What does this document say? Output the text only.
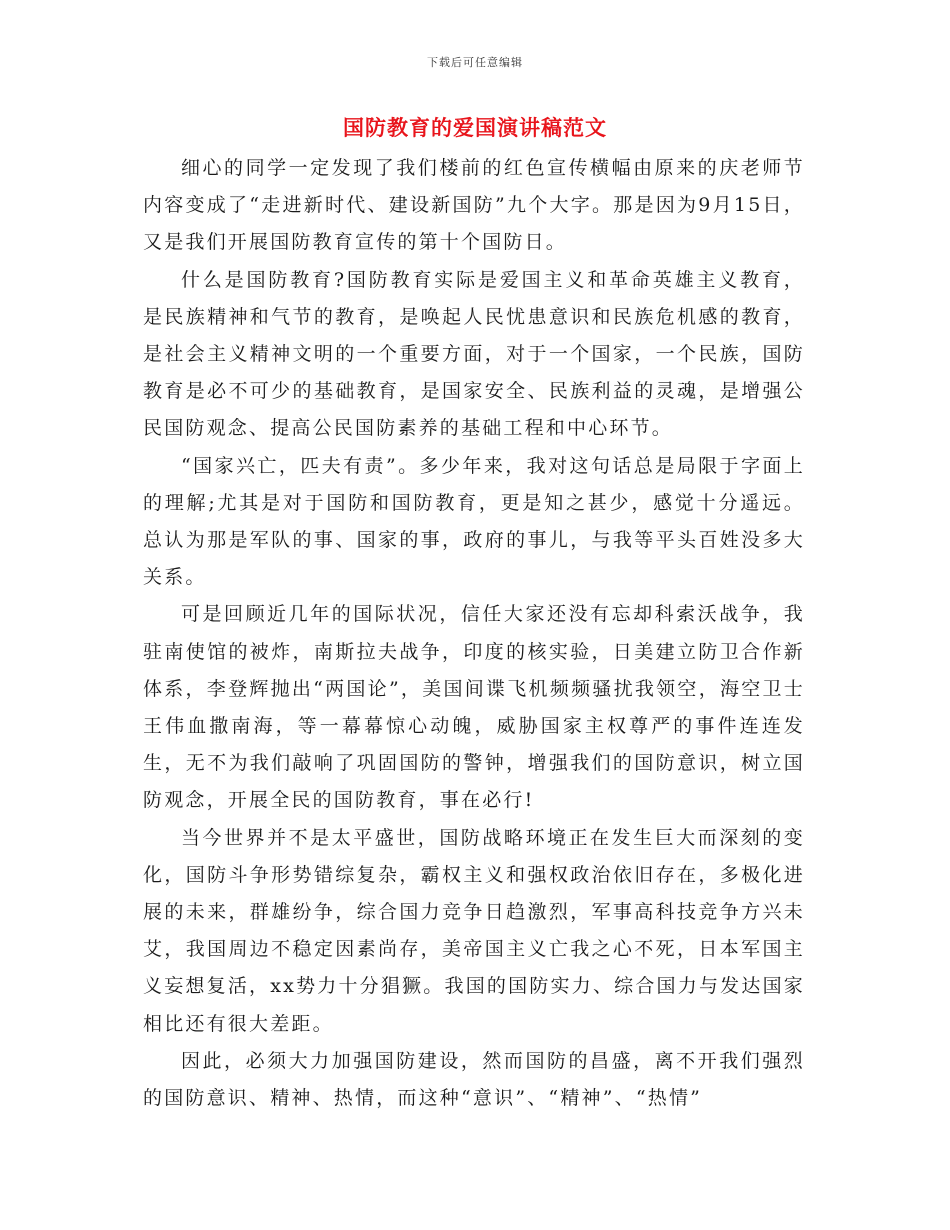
下载后可任意编辑
国防教育的爱国演讲稿范文

细心的同学一定发现了我们楼前的红色宣传横幅由原来的庆老师节内容变成了“走进新时代、建设新国防”九个大字。那是因为9月15日，又是我们开展国防教育宣传的第十个国防日。

什么是国防教育?国防教育实际是爱国主义和革命英雄主义教育，是民族精神和气节的教育，是唤起人民忧患意识和民族危机感的教育，是社会主义精神文明的一个重要方面，对于一个国家，一个民族，国防教育是必不可少的基础教育，是国家安全、民族利益的灵魂，是增强公民国防观念、提高公民国防素养的基础工程和中心环节。

“国家兴亡，匹夫有责”。多少年来，我对这句话总是局限于字面上的理解;尤其是对于国防和国防教育，更是知之甚少，感觉十分遥远。总认为那是军队的事、国家的事，政府的事儿，与我等平头百姓没多大关系。

可是回顾近几年的国际状况，信任大家还没有忘却科索沃战争，我驻南使馆的被炸，南斯拉夫战争，印度的核实验，日美建立防卫合作新体系，李登辉抛出“两国论”，美国间谍飞机频频骚扰我领空，海空卫士王伟血撒南海，等一幕幕惊心动魄，威胁国家主权尊严的事件连连发生，无不为我们敲响了巩固国防的警钟，增强我们的国防意识，树立国防观念，开展全民的国防教育，事在必行!

当今世界并不是太平盛世，国防战略环境正在发生巨大而深刻的变化，国防斗争形势错综复杂，霸权主义和强权政治依旧存在，多极化进展的未来，群雄纷争，综合国力竞争日趋激烈，军事高科技竞争方兴未艾，我国周边不稳定因素尚存，美帝国主义亡我之心不死，日本军国主义妄想复活，xx势力十分猖獗。我国的国防实力、综合国力与发达国家相比还有很大差距。

因此，必须大力加强国防建设，然而国防的昌盛，离不开我们强烈的国防意识、精神、热情，而这种“意识”、“精神”、“热情”
